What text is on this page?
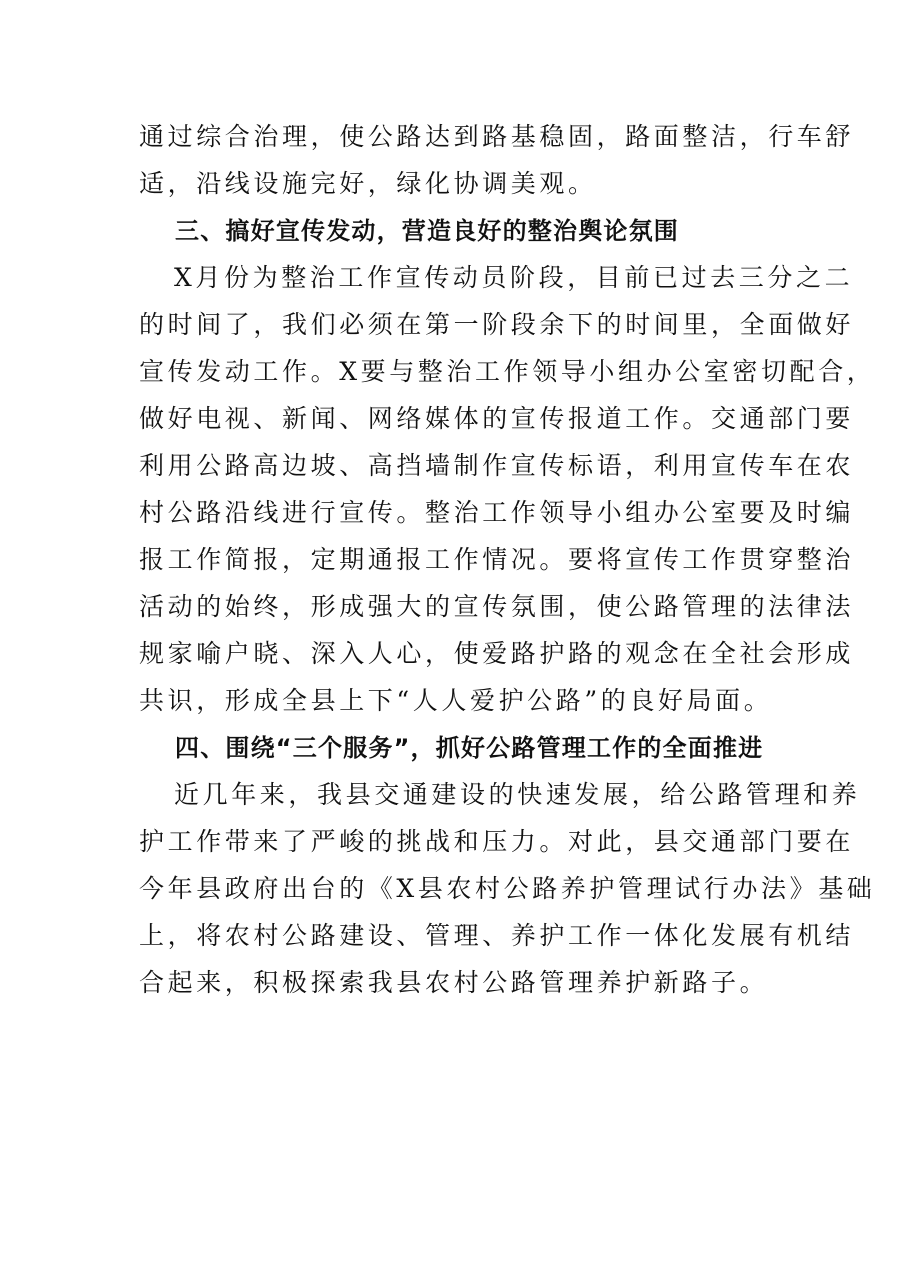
通过综合治理，使公路达到路基稳固，路面整洁，行车舒
适，沿线设施完好，绿化协调美观。
三、搞好宣传发动，营造良好的整治舆论氛围
X月份为整治工作宣传动员阶段，目前已过去三分之二
的时间了，我们必须在第一阶段余下的时间里，全面做好
宣传发动工作。X要与整治工作领导小组办公室密切配合，
做好电视、新闻、网络媒体的宣传报道工作。交通部门要
利用公路高边坡、高挡墙制作宣传标语，利用宣传车在农
村公路沿线进行宣传。整治工作领导小组办公室要及时编
报工作简报，定期通报工作情况。要将宣传工作贯穿整治
活动的始终，形成强大的宣传氛围，使公路管理的法律法
规家喻户晓、深入人心，使爱路护路的观念在全社会形成
共识，形成全县上下“人人爱护公路”的良好局面。
四、围绕“三个服务”，抓好公路管理工作的全面推进
近几年来，我县交通建设的快速发展，给公路管理和养
护工作带来了严峻的挑战和压力。对此，县交通部门要在
今年县政府出台的《X县农村公路养护管理试行办法》基础
上，将农村公路建设、管理、养护工作一体化发展有机结
合起来，积极探索我县农村公路管理养护新路子。
